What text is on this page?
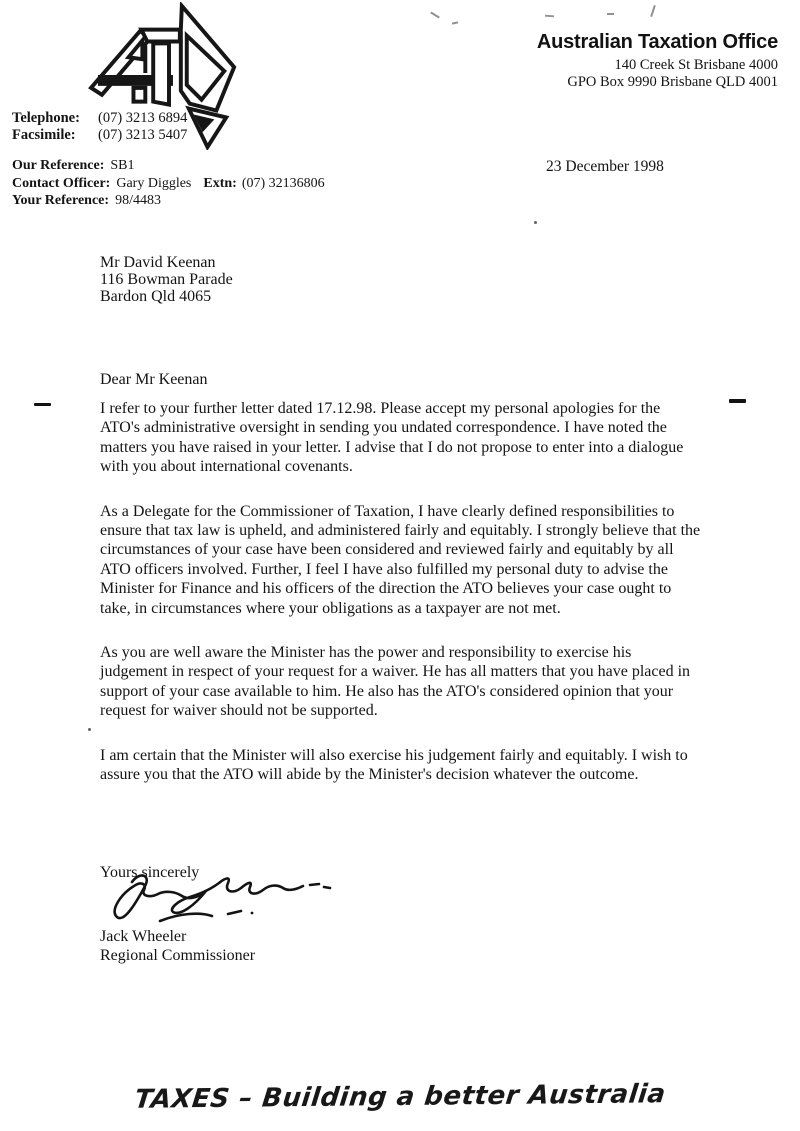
Australian Taxation Office
140 Creek St Brisbane 4000
GPO Box 9990 Brisbane QLD 4001
Telephone:	(07) 3213 6894
Facsimile:	(07) 3213 5407
Our Reference: SB1
Contact Officer: Gary Diggles Extn: (07) 32136806
Your Reference: 98/4483
23 December 1998
Mr David Keenan
116 Bowman Parade
Bardon Qld 4065
Dear Mr Keenan

I refer to your further letter dated 17.12.98. Please accept my personal apologies for the ATO's administrative oversight in sending you undated correspondence. I have noted the matters you have raised in your letter. I advise that I do not propose to enter into a dialogue with you about international covenants.

As a Delegate for the Commissioner of Taxation, I have clearly defined responsibilities to ensure that tax law is upheld, and administered fairly and equitably. I strongly believe that the circumstances of your case have been considered and reviewed fairly and equitably by all ATO officers involved. Further, I feel I have also fulfilled my personal duty to advise the Minister for Finance and his officers of the direction the ATO believes your case ought to take, in circumstances where your obligations as a taxpayer are not met.

As you are well aware the Minister has the power and responsibility to exercise his judgement in respect of your request for a waiver. He has all matters that you have placed in support of your case available to him. He also has the ATO's considered opinion that your request for waiver should not be supported.

I am certain that the Minister will also exercise his judgement fairly and equitably. I wish to assure you that the ATO will abide by the Minister's decision whatever the outcome.

Yours sincerely
Jack Wheeler
Regional Commissioner
TAXES – Building a better Australia
